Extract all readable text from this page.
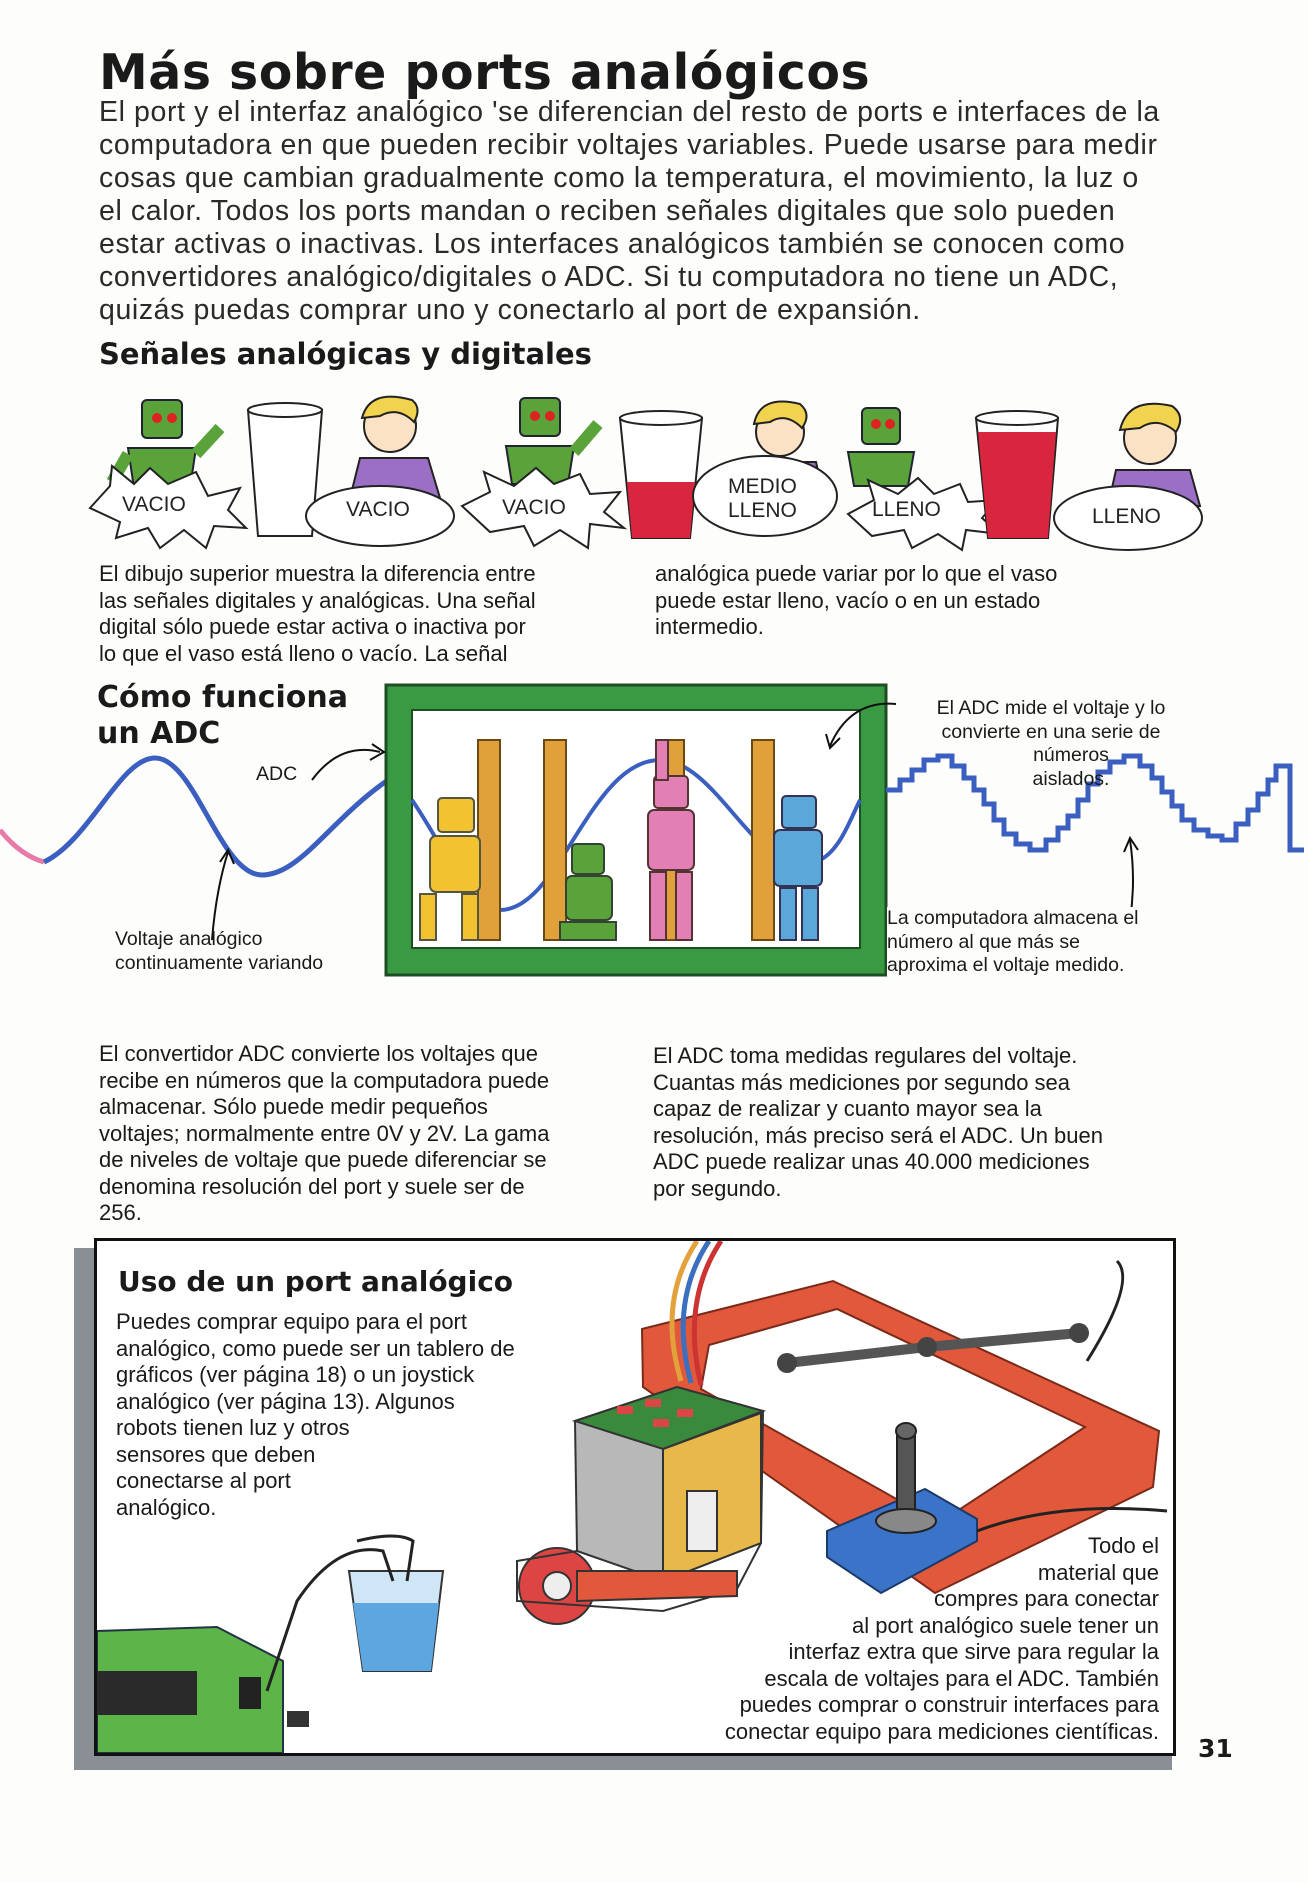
Más sobre ports analógicos
El port y el interfaz analógico 'se diferencian del resto de ports e interfaces de la
computadora en que pueden recibir voltajes variables. Puede usarse para medir
cosas que cambian gradualmente como la temperatura, el movimiento, la luz o
el calor. Todos los ports mandan o reciben señales digitales que solo pueden
estar activas o inactivas. Los interfaces analógicos también se conocen como
convertidores analógico/digitales o ADC. Si tu computadora no tiene un ADC,
quizás puedas comprar uno y conectarlo al port de expansión.
Señales analógicas y digitales
VACIO	VACIO	VACIO
MEDIO
LLENO	LLENO	LLENO
El dibujo superior muestra la diferencia entre
las señales digitales y analógicas. Una señal
digital sólo puede estar activa o inactiva por
lo que el vaso está lleno o vacío. La señal
analógica puede variar por lo que el vaso
puede estar lleno, vacío o en un estado
intermedio.
Cómo funciona
un ADC
ADC
El ADC mide el voltaje y lo
convierte en una serie de
números
aislados.
Voltaje analógico
continuamente variando
La computadora almacena el
número al que más se
aproxima el voltaje medido.
El convertidor ADC convierte los voltajes que
recibe en números que la computadora puede
almacenar. Sólo puede medir pequeños
voltajes; normalmente entre 0V y 2V. La gama
de niveles de voltaje que puede diferenciar se
denomina resolución del port y suele ser de
256.
El ADC toma medidas regulares del voltaje.
Cuantas más mediciones por segundo sea
capaz de realizar y cuanto mayor sea la
resolución, más preciso será el ADC. Un buen
ADC puede realizar unas 40.000 mediciones
por segundo.
Uso de un port analógico
Puedes comprar equipo para el port
analógico, como puede ser un tablero de
gráficos (ver página 18) o un joystick
analógico (ver página 13). Algunos
robots tienen luz y otros
sensores que deben
conectarse al port
analógico.
Todo el
material que
compres para conectar
al port analógico suele tener un
interfaz extra que sirve para regular la
escala de voltajes para el ADC. También
puedes comprar o construir interfaces para
conectar equipo para mediciones científicas.
31
